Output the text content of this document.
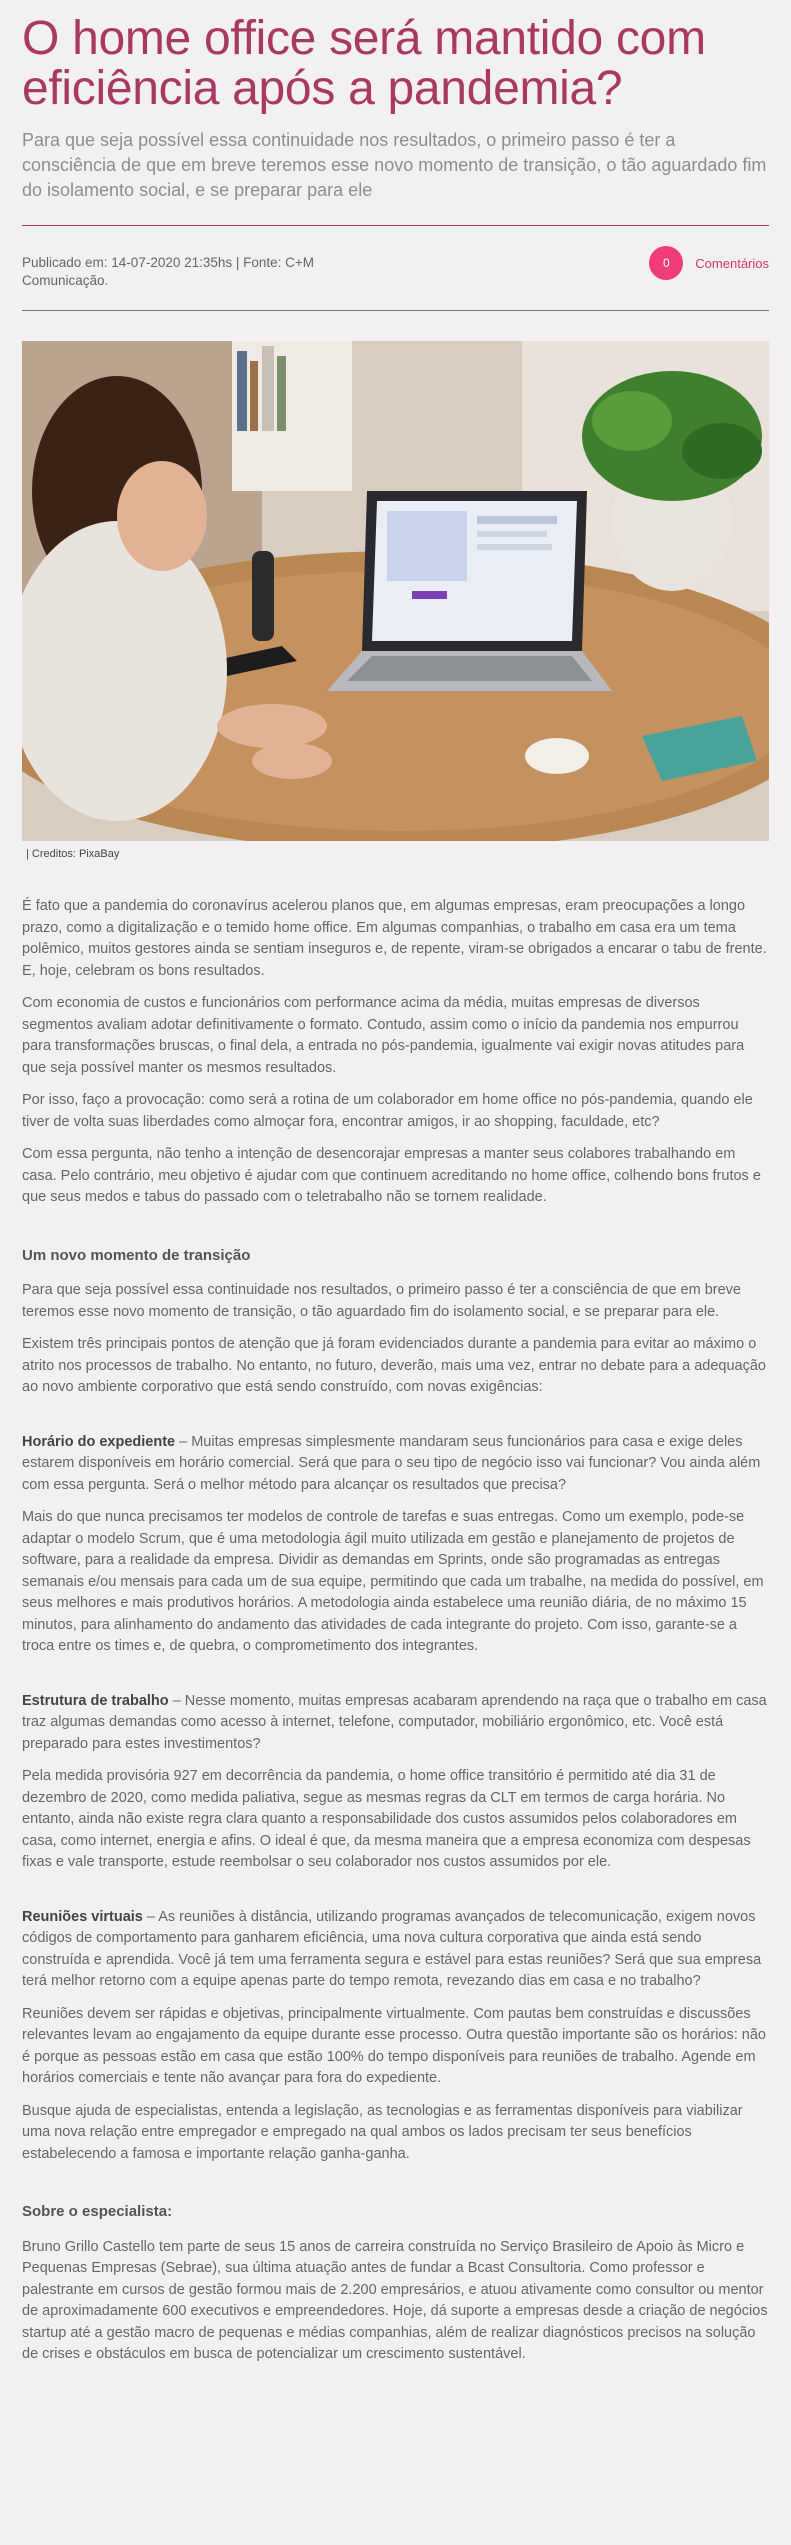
O home office será mantido com eficiência após a pandemia?

Para que seja possível essa continuidade nos resultados, o primeiro passo é ter a consciência de que em breve teremos esse novo momento de transição, o tão aguardado fim do isolamento social, e se preparar para ele

Publicado em: 14-07-2020 21:35hs | Fonte: C+M Comunicação.
0	Comentários
| Creditos: PixaBay

É fato que a pandemia do coronavírus acelerou planos que, em algumas empresas, eram preocupações a longo prazo, como a digitalização e o temido home office. Em algumas companhias, o trabalho em casa era um tema polêmico, muitos gestores ainda se sentiam inseguros e, de repente, viram-se obrigados a encarar o tabu de frente. E, hoje, celebram os bons resultados.

Com economia de custos e funcionários com performance acima da média, muitas empresas de diversos segmentos avaliam adotar definitivamente o formato. Contudo, assim como o início da pandemia nos empurrou para transformações bruscas, o final dela, a entrada no pós-pandemia, igualmente vai exigir novas atitudes para que seja possível manter os mesmos resultados.

Por isso, faço a provocação: como será a rotina de um colaborador em home office no pós-pandemia, quando ele tiver de volta suas liberdades como almoçar fora, encontrar amigos, ir ao shopping, faculdade, etc?

Com essa pergunta, não tenho a intenção de desencorajar empresas a manter seus colabores trabalhando em casa. Pelo contrário, meu objetivo é ajudar com que continuem acreditando no home office, colhendo bons frutos e que seus medos e tabus do passado com o teletrabalho não se tornem realidade.

Um novo momento de transição

Para que seja possível essa continuidade nos resultados, o primeiro passo é ter a consciência de que em breve teremos esse novo momento de transição, o tão aguardado fim do isolamento social, e se preparar para ele.

Existem três principais pontos de atenção que já foram evidenciados durante a pandemia para evitar ao máximo o atrito nos processos de trabalho. No entanto, no futuro, deverão, mais uma vez, entrar no debate para a adequação ao novo ambiente corporativo que está sendo construído, com novas exigências:

Horário do expediente – Muitas empresas simplesmente mandaram seus funcionários para casa e exige deles estarem disponíveis em horário comercial. Será que para o seu tipo de negócio isso vai funcionar? Vou ainda além com essa pergunta. Será o melhor método para alcançar os resultados que precisa?

Mais do que nunca precisamos ter modelos de controle de tarefas e suas entregas. Como um exemplo, pode-se adaptar o modelo Scrum, que é uma metodologia ágil muito utilizada em gestão e planejamento de projetos de software, para a realidade da empresa. Dividir as demandas em Sprints, onde são programadas as entregas semanais e/ou mensais para cada um de sua equipe, permitindo que cada um trabalhe, na medida do possível, em seus melhores e mais produtivos horários. A metodologia ainda estabelece uma reunião diária, de no máximo 15 minutos, para alinhamento do andamento das atividades de cada integrante do projeto. Com isso, garante-se a troca entre os times e, de quebra, o comprometimento dos integrantes.

Estrutura de trabalho – Nesse momento, muitas empresas acabaram aprendendo na raça que o trabalho em casa traz algumas demandas como acesso à internet, telefone, computador, mobiliário ergonômico, etc. Você está preparado para estes investimentos?

Pela medida provisória 927 em decorrência da pandemia, o home office transitório é permitido até dia 31 de dezembro de 2020, como medida paliativa, segue as mesmas regras da CLT em termos de carga horária. No entanto, ainda não existe regra clara quanto a responsabilidade dos custos assumidos pelos colaboradores em casa, como internet, energia e afins. O ideal é que, da mesma maneira que a empresa economiza com despesas fixas e vale transporte, estude reembolsar o seu colaborador nos custos assumidos por ele.

Reuniões virtuais – As reuniões à distância, utilizando programas avançados de telecomunicação, exigem novos códigos de comportamento para ganharem eficiência, uma nova cultura corporativa que ainda está sendo construída e aprendida. Você já tem uma ferramenta segura e estável para estas reuniões? Será que sua empresa terá melhor retorno com a equipe apenas parte do tempo remota, revezando dias em casa e no trabalho?

Reuniões devem ser rápidas e objetivas, principalmente virtualmente. Com pautas bem construídas e discussões relevantes levam ao engajamento da equipe durante esse processo. Outra questão importante são os horários: não é porque as pessoas estão em casa que estão 100% do tempo disponíveis para reuniões de trabalho. Agende em horários comerciais e tente não avançar para fora do expediente.

Busque ajuda de especialistas, entenda a legislação, as tecnologias e as ferramentas disponíveis para viabilizar uma nova relação entre empregador e empregado na qual ambos os lados precisam ter seus benefícios estabelecendo a famosa e importante relação ganha-ganha.

Sobre o especialista:

Bruno Grillo Castello tem parte de seus 15 anos de carreira construída no Serviço Brasileiro de Apoio às Micro e Pequenas Empresas (Sebrae), sua última atuação antes de fundar a Bcast Consultoria. Como professor e palestrante em cursos de gestão formou mais de 2.200 empresários, e atuou ativamente como consultor ou mentor de aproximadamente 600 executivos e empreendedores. Hoje, dá suporte a empresas desde a criação de negócios startup até a gestão macro de pequenas e médias companhias, além de realizar diagnósticos precisos na solução de crises e obstáculos em busca de potencializar um crescimento sustentável.
